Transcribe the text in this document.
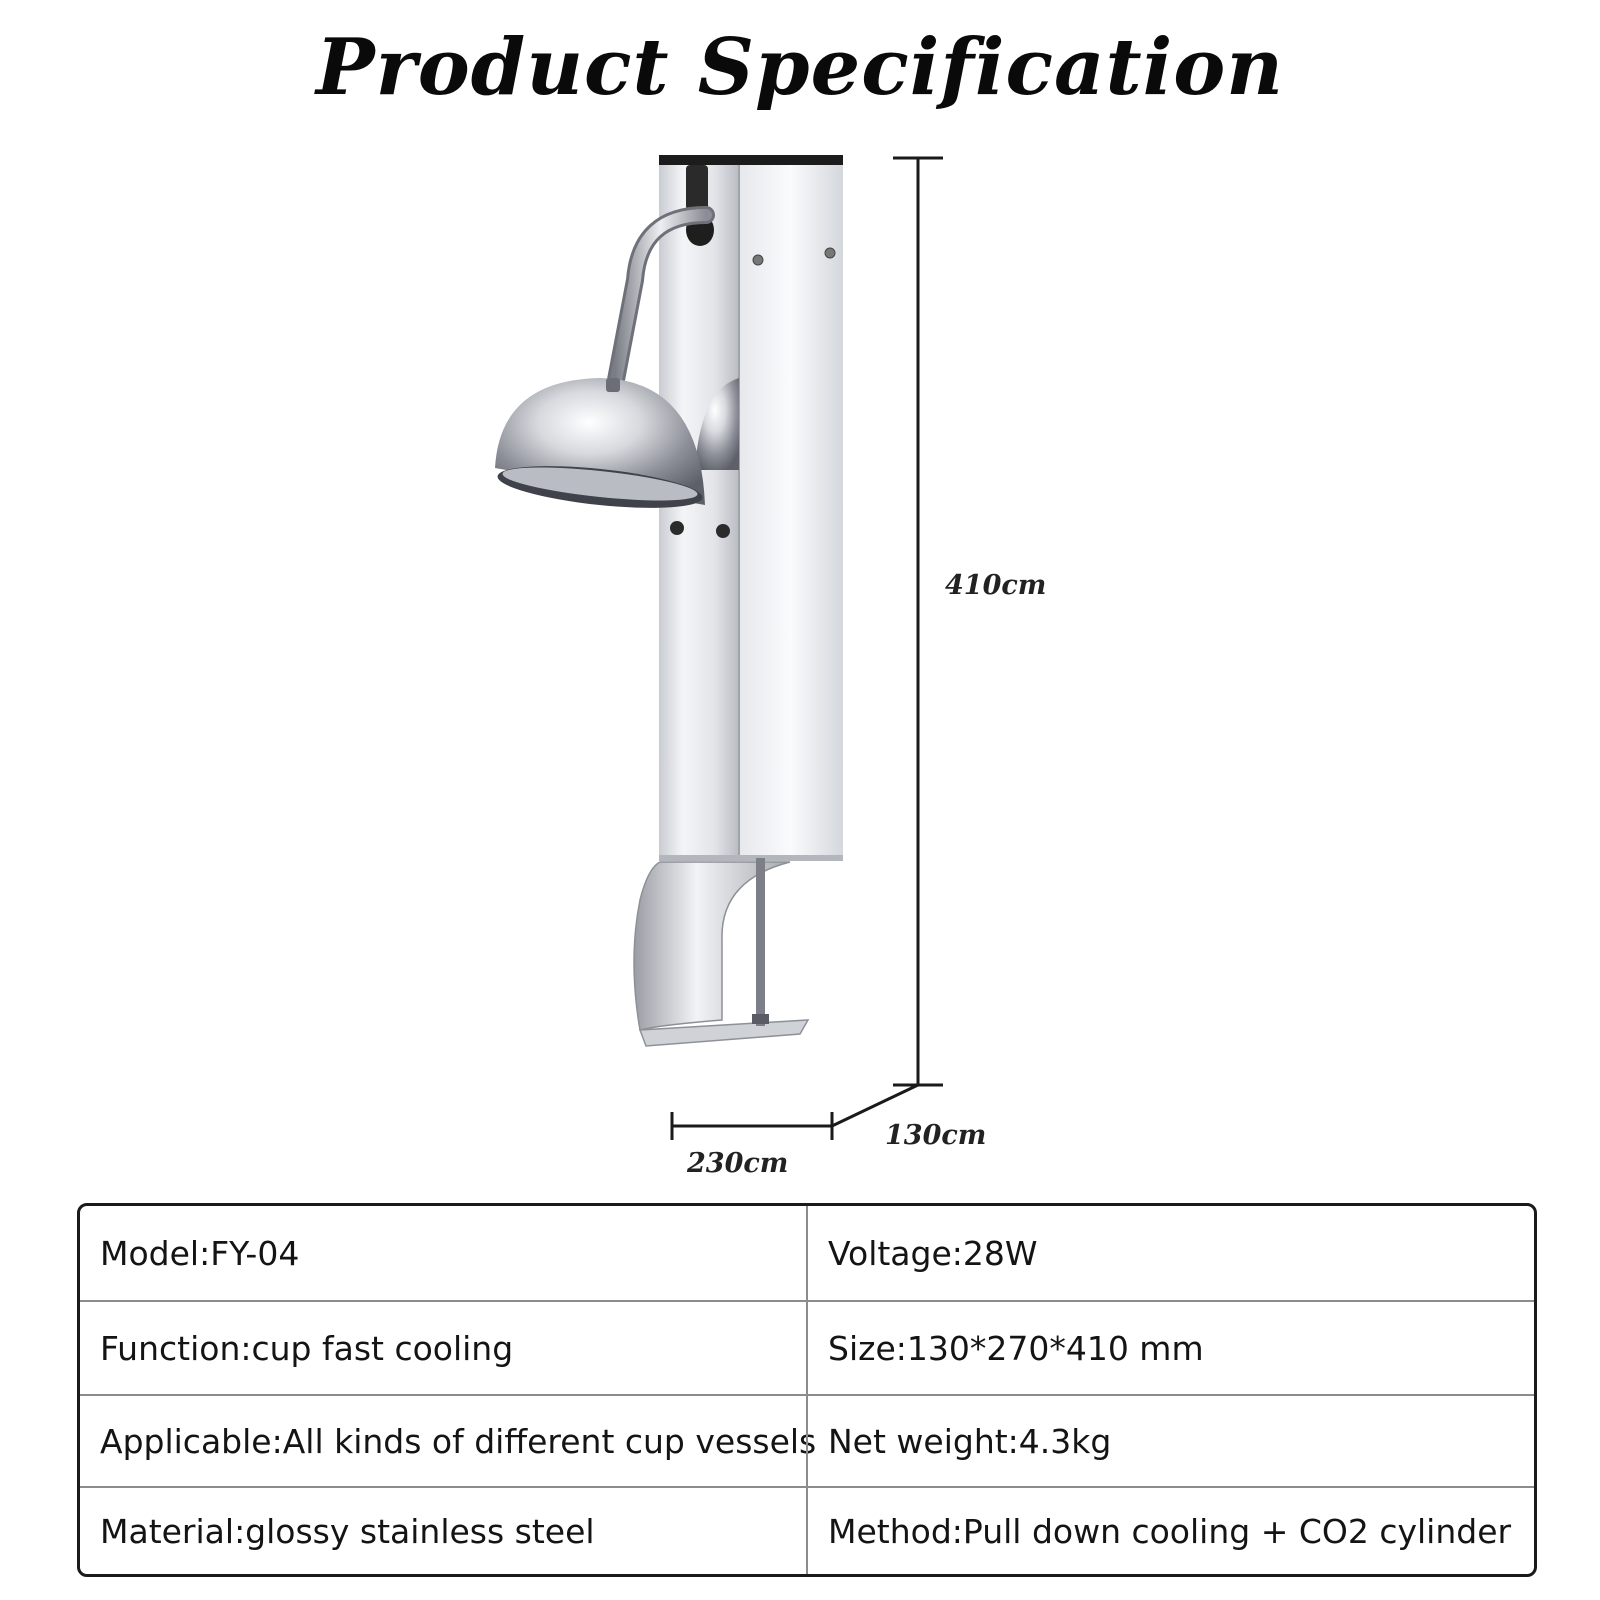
Product Specification
410cm
230cm
130cm
Model:FY-04	Voltage:28W
Function:cup fast cooling	Size:130*270*410 mm
Applicable:All kinds of different cup vessels Net weight:4.3kg
Material:glossy stainless steel	Method:Pull down cooling + CO2 cylinder
